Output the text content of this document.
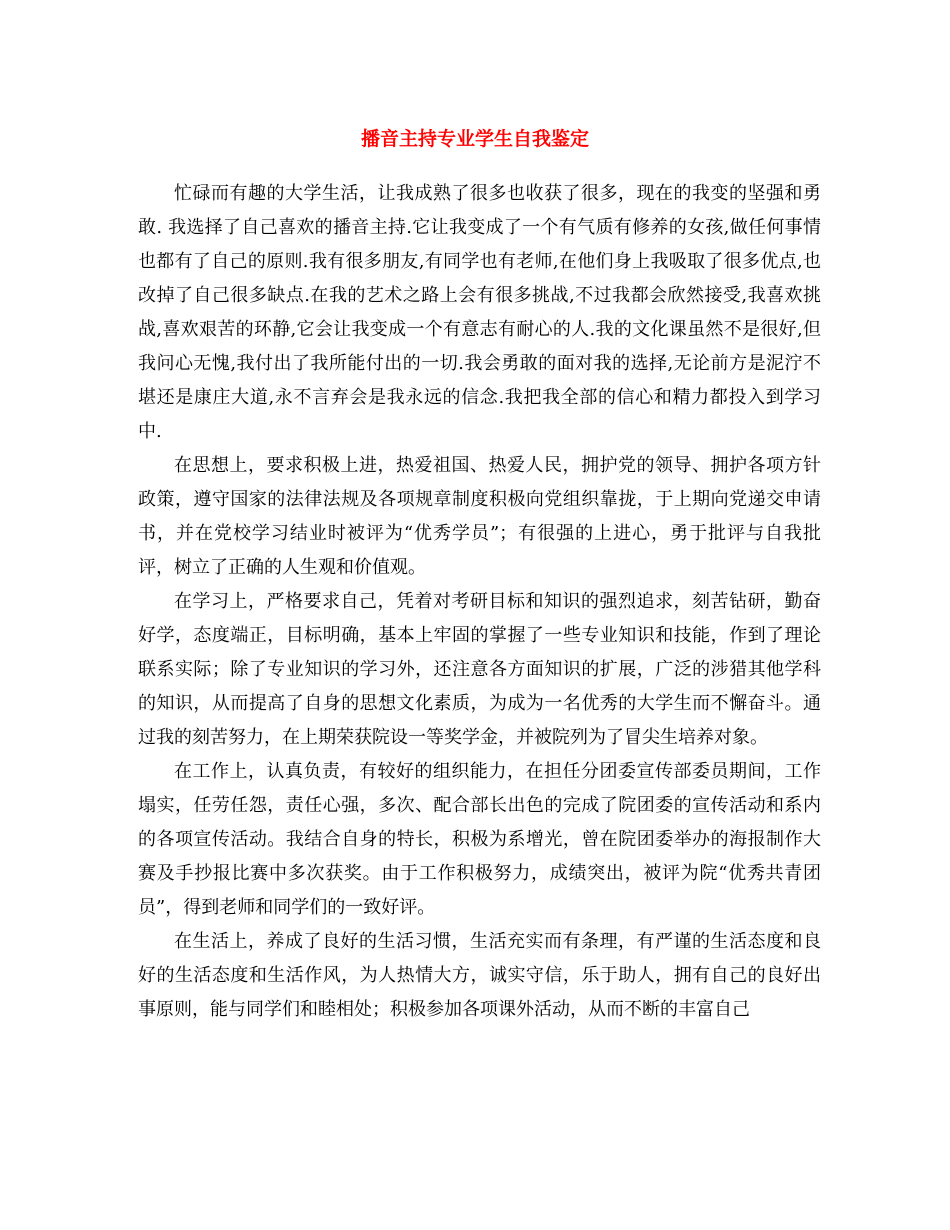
播音主持专业学生自我鉴定

忙碌而有趣的大学生活，让我成熟了很多也收获了很多，现在的我变的坚强和勇敢. 我选择了自己喜欢的播音主持.它让我变成了一个有气质有修养的女孩,做任何事情也都有了自己的原则.我有很多朋友,有同学也有老师,在他们身上我吸取了很多优点,也改掉了自己很多缺点.在我的艺术之路上会有很多挑战,不过我都会欣然接受,我喜欢挑战,喜欢艰苦的环静,它会让我变成一个有意志有耐心的人.我的文化课虽然不是很好,但我问心无愧,我付出了我所能付出的一切.我会勇敢的面对我的选择,无论前方是泥泞不堪还是康庄大道,永不言弃会是我永远的信念.我把我全部的信心和精力都投入到学习中.

在思想上，要求积极上进，热爱祖国、热爱人民，拥护党的领导、拥护各项方针政策，遵守国家的法律法规及各项规章制度积极向党组织靠拢，于上期向党递交申请书，并在党校学习结业时被评为“优秀学员”；有很强的上进心，勇于批评与自我批评，树立了正确的人生观和价值观。

在学习上，严格要求自己，凭着对考研目标和知识的强烈追求，刻苦钻研，勤奋好学，态度端正，目标明确，基本上牢固的掌握了一些专业知识和技能，作到了理论联系实际；除了专业知识的学习外，还注意各方面知识的扩展，广泛的涉猎其他学科的知识，从而提高了自身的思想文化素质，为成为一名优秀的大学生而不懈奋斗。通过我的刻苦努力，在上期荣获院设一等奖学金，并被院列为了冒尖生培养对象。

在工作上，认真负责，有较好的组织能力，在担任分团委宣传部委员期间，工作塌实，任劳任怨，责任心强，多次、配合部长出色的完成了院团委的宣传活动和系内的各项宣传活动。我结合自身的特长，积极为系增光，曾在院团委举办的海报制作大赛及手抄报比赛中多次获奖。由于工作积极努力，成绩突出，被评为院“优秀共青团员”，得到老师和同学们的一致好评。

在生活上，养成了良好的生活习惯，生活充实而有条理，有严谨的生活态度和良好的生活态度和生活作风，为人热情大方，诚实守信，乐于助人，拥有自己的良好出事原则，能与同学们和睦相处；积极参加各项课外活动，从而不断的丰富自己
